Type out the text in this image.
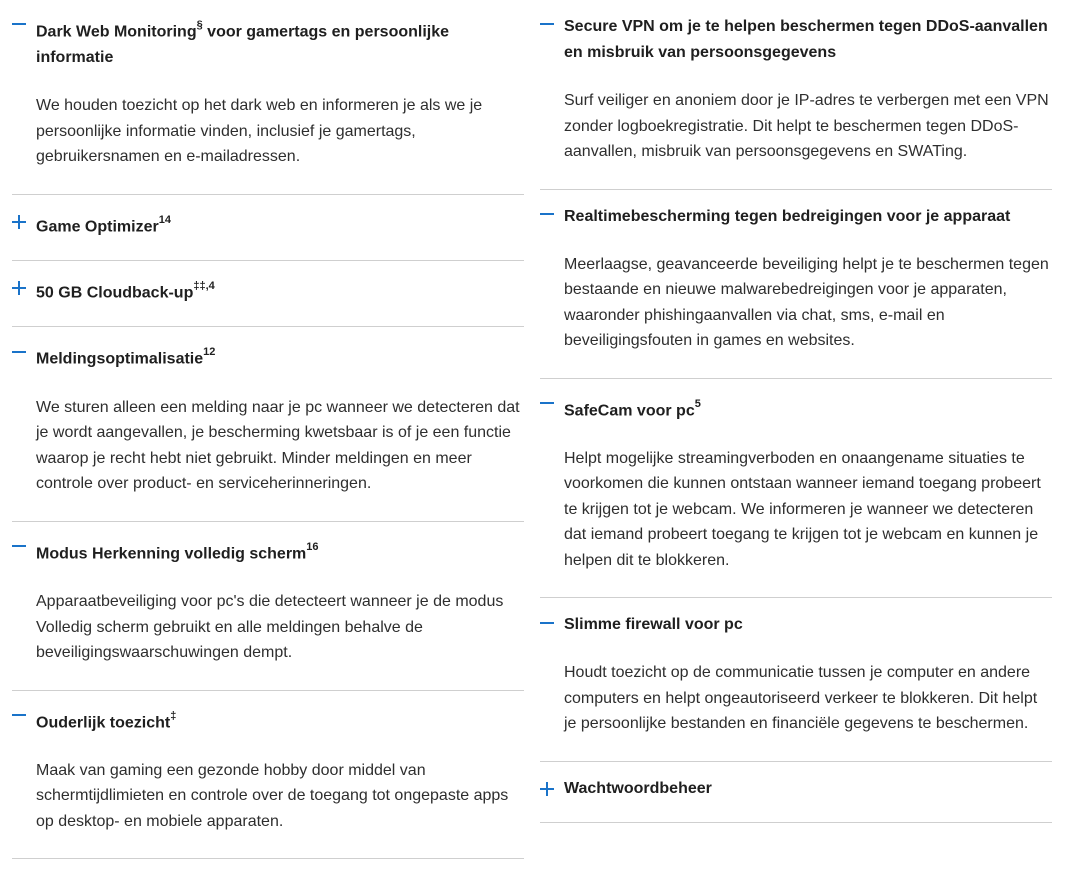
Dark Web Monitoring§ voor gamertags en persoonlijke informatie
We houden toezicht op het dark web en informeren je als we je persoonlijke informatie vinden, inclusief je gamertags, gebruikersnamen en e-mailadressen.
Game Optimizer$^{14}$
50 GB Cloudback-$up^{\ddagger\ddagger,4}$
Meldingsoptimalisatie$^{12}$
We sturen alleen een melding naar je pc wanneer we detecteren dat je wordt aangevallen, je bescherming kwetsbaar is of je een functie waarop je recht hebt niet gebruikt. Minder meldingen en meer controle over product- en serviceherinneringen.
Modus Herkenning volledig scherm$^{16}$
Apparaatbeveiliging voor pc's die detecteert wanneer je de modus Volledig scherm gebruikt en alle meldingen behalve de beveiligingswaarschuwingen dempt.
Ouderlijk toezicht‡
Maak van gaming een gezonde hobby door middel van schermtijdlimieten en controle over de toegang tot ongepaste apps op desktop- en mobiele apparaten.
Secure VPN om je te helpen beschermen tegen DDoS-aanvallen en misbruik van persoonsgegevens
Surf veiliger en anoniem door je IP-adres te verbergen met een VPN zonder logboekregistratie. Dit helpt te beschermen tegen DDoS-aanvallen, misbruik van persoonsgegevens en SWATing.
Realtimebescherming tegen bedreigingen voor je apparaat
Meerlaagse, geavanceerde beveiliging helpt je te beschermen tegen bestaande en nieuwe malwarebedreigingen voor je apparaten, waaronder phishingaanvallen via chat, sms, e-mail en beveiligingsfouten in games en websites.
SafeCam voor $pc^5$
Helpt mogelijke streamingverboden en onaangename situaties te voorkomen die kunnen ontstaan wanneer iemand toegang probeert te krijgen tot je webcam. We informeren je wanneer we detecteren dat iemand probeert toegang te krijgen tot je webcam en kunnen je helpen dit te blokkeren.
Slimme firewall voor pc
Houdt toezicht op de communicatie tussen je computer en andere computers en helpt ongeautoriseerd verkeer te blokkeren. Dit helpt je persoonlijke bestanden en financiële gegevens te beschermen.
Wachtwoordbeheer
